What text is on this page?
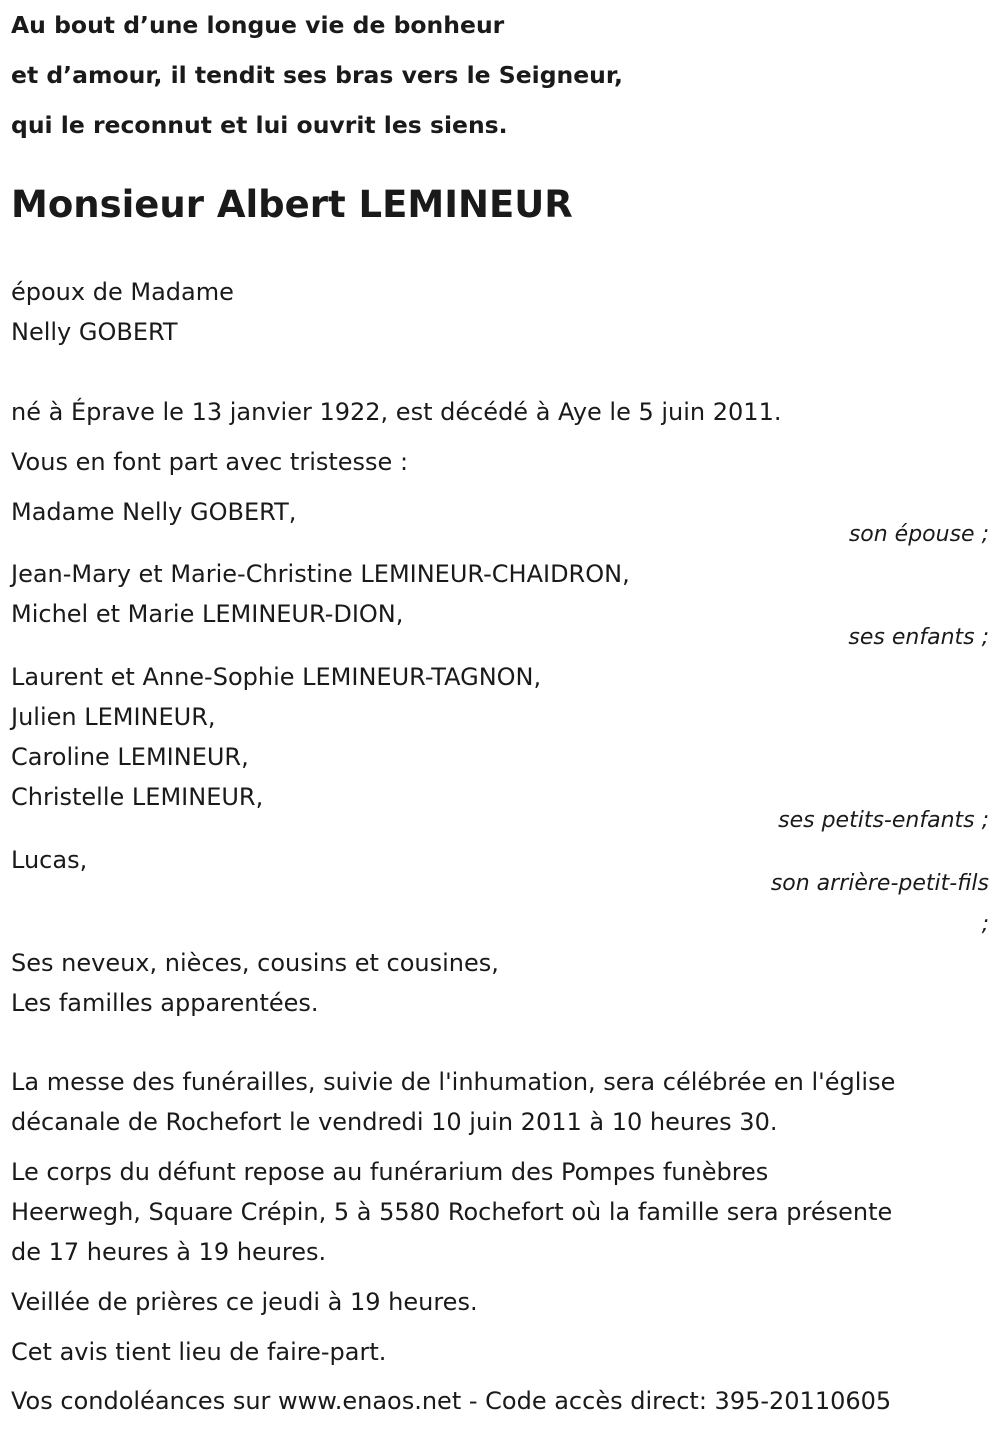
Au bout d’une longue vie de bonheur
et d’amour, il tendit ses bras vers le Seigneur,
qui le reconnut et lui ouvrit les siens.
Monsieur Albert LEMINEUR
époux de Madame
Nelly GOBERT
né à Éprave le 13 janvier 1922, est décédé à Aye le 5 juin 2011.
Vous en font part avec tristesse :
Madame Nelly GOBERT,
son épouse ;
Jean-Mary et Marie-Christine LEMINEUR-CHAIDRON,
Michel et Marie LEMINEUR-DION,
ses enfants ;
Laurent et Anne-Sophie LEMINEUR-TAGNON,
Julien LEMINEUR,
Caroline LEMINEUR,
Christelle LEMINEUR,
ses petits-enfants ;
Lucas,
son arrière-petit-fils
;
Ses neveux, nièces, cousins et cousines,
Les familles apparentées.
La messe des funérailles, suivie de l'inhumation, sera célébrée en l'église
décanale de Rochefort le vendredi 10 juin 2011 à 10 heures 30.
Le corps du défunt repose au funérarium des Pompes funèbres
Heerwegh, Square Crépin, 5 à 5580 Rochefort où la famille sera présente
de 17 heures à 19 heures.
Veillée de prières ce jeudi à 19 heures.
Cet avis tient lieu de faire-part.
Vos condoléances sur www.enaos.net - Code accès direct: 395-20110605
